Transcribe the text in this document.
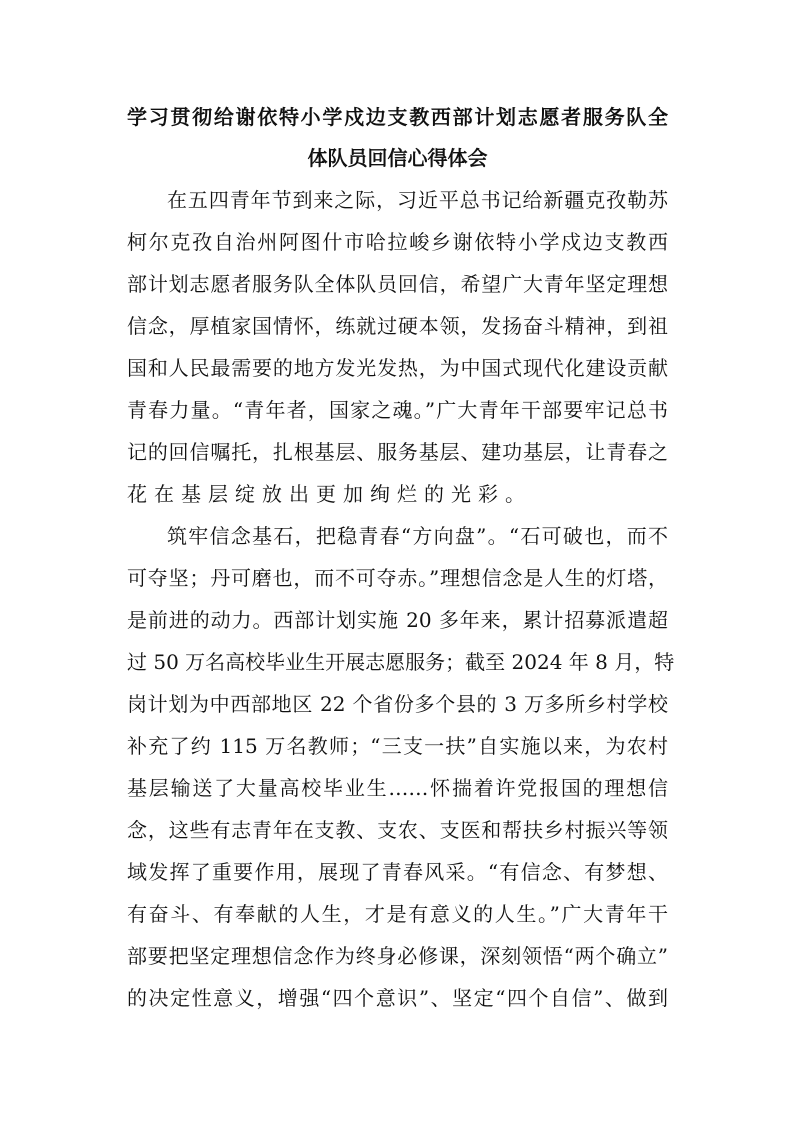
学习贯彻给谢依特小学戍边支教西部计划志愿者服务队全
体队员回信心得体会
在五四青年节到来之际，习近平总书记给新疆克孜勒苏
柯尔克孜自治州阿图什市哈拉峻乡谢依特小学戍边支教西
部计划志愿者服务队全体队员回信，希望广大青年坚定理想
信念，厚植家国情怀，练就过硬本领，发扬奋斗精神，到祖
国和人民最需要的地方发光发热，为中国式现代化建设贡献
青春力量。“青年者，国家之魂。”广大青年干部要牢记总书
记的回信嘱托，扎根基层、服务基层、建功基层，让青春之
花在基层绽放出更加绚烂的光彩。
筑牢信念基石，把稳青春“方向盘”。“石可破也，而不
可夺坚；丹可磨也，而不可夺赤。”理想信念是人生的灯塔，
是前进的动力。西部计划实施 20 多年来，累计招募派遣超
过 50 万名高校毕业生开展志愿服务；截至 2024 年 8 月，特
岗计划为中西部地区 22 个省份多个县的 3 万多所乡村学校
补充了约 115 万名教师；“三支一扶”自实施以来，为农村
基层输送了大量高校毕业生……怀揣着许党报国的理想信
念，这些有志青年在支教、支农、支医和帮扶乡村振兴等领
域发挥了重要作用，展现了青春风采。“有信念、有梦想、
有奋斗、有奉献的人生，才是有意义的人生。”广大青年干
部要把坚定理想信念作为终身必修课，深刻领悟“两个确立”
的决定性意义，增强“四个意识”、坚定“四个自信”、做到
